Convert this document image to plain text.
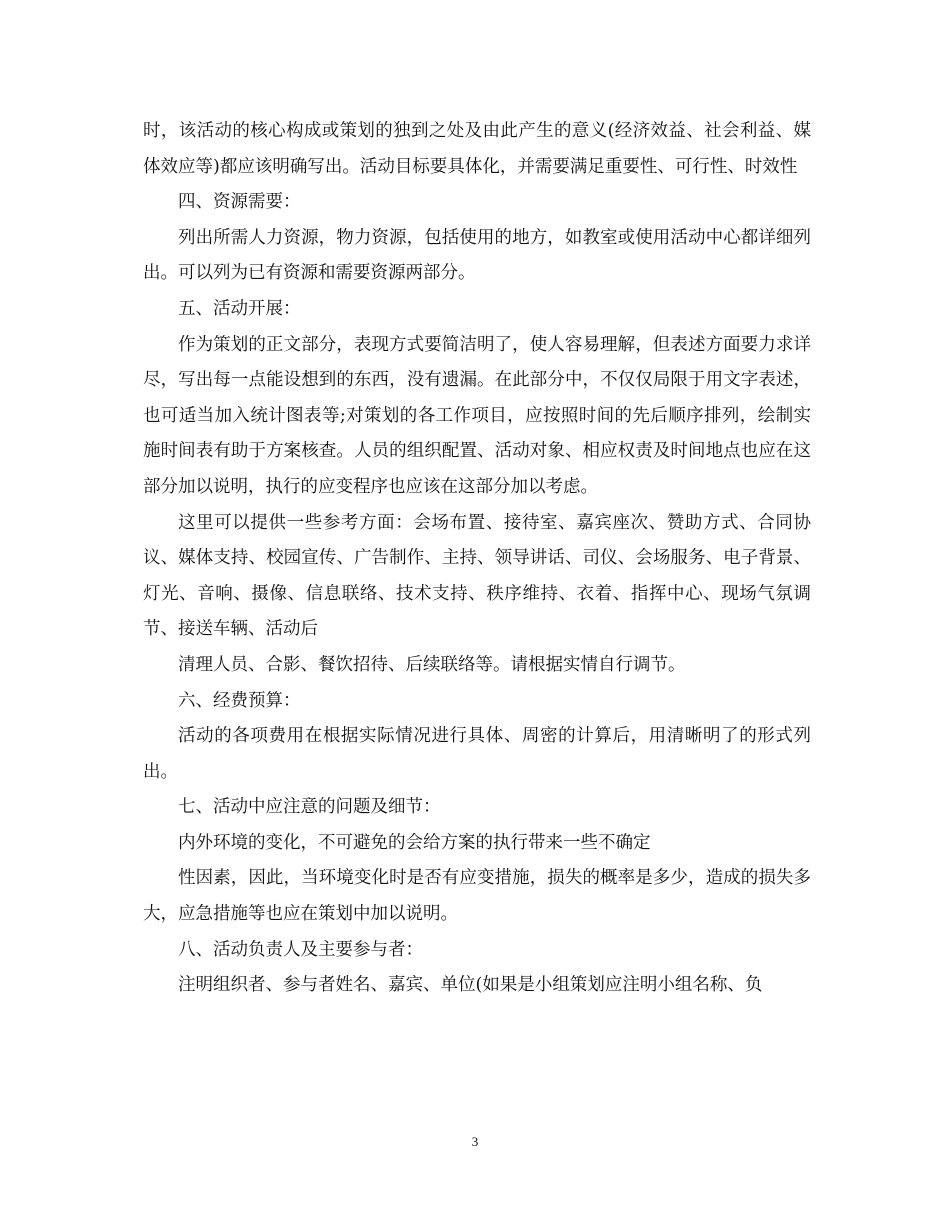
时，该活动的核心构成或策划的独到之处及由此产生的意义(经济效益、社会利益、媒体效应等)都应该明确写出。活动目标要具体化，并需要满足重要性、可行性、时效性

四、资源需要：

列出所需人力资源，物力资源，包括使用的地方，如教室或使用活动中心都详细列出。可以列为已有资源和需要资源两部分。

五、活动开展：

作为策划的正文部分，表现方式要简洁明了，使人容易理解，但表述方面要力求详尽，写出每一点能设想到的东西，没有遗漏。在此部分中，不仅仅局限于用文字表述，也可适当加入统计图表等;对策划的各工作项目，应按照时间的先后顺序排列，绘制实施时间表有助于方案核查。人员的组织配置、活动对象、相应权责及时间地点也应在这部分加以说明，执行的应变程序也应该在这部分加以考虑。

这里可以提供一些参考方面：会场布置、接待室、嘉宾座次、赞助方式、合同协议、媒体支持、校园宣传、广告制作、主持、领导讲话、司仪、会场服务、电子背景、灯光、音响、摄像、信息联络、技术支持、秩序维持、衣着、指挥中心、现场气氛调节、接送车辆、活动后

清理人员、合影、餐饮招待、后续联络等。请根据实情自行调节。

六、经费预算：

活动的各项费用在根据实际情况进行具体、周密的计算后，用清晰明了的形式列出。

七、活动中应注意的问题及细节：

内外环境的变化，不可避免的会给方案的执行带来一些不确定

性因素，因此，当环境变化时是否有应变措施，损失的概率是多少，造成的损失多大，应急措施等也应在策划中加以说明。

八、活动负责人及主要参与者：

注明组织者、参与者姓名、嘉宾、单位(如果是小组策划应注明小组名称、负

3
